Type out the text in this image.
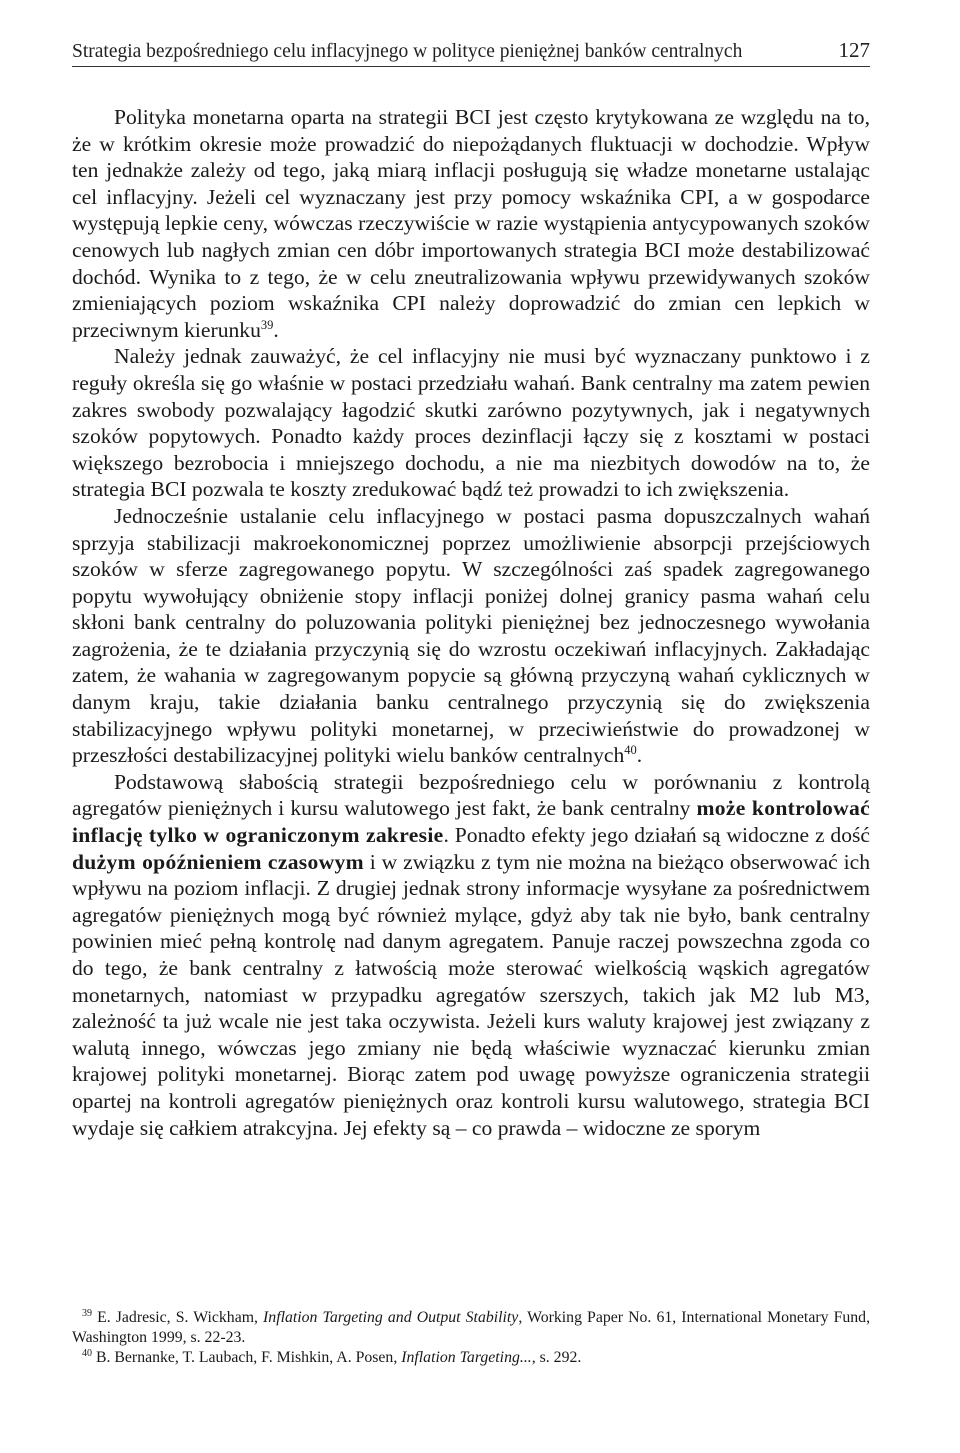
Strategia bezpośredniego celu inflacyjnego w polityce pieniężnej banków centralnych	127

Polityka monetarna oparta na strategii BCI jest często krytykowana ze względu na to, że w krótkim okresie może prowadzić do niepożądanych fluktuacji w dochodzie. Wpływ ten jednakże zależy od tego, jaką miarą inflacji posługują się władze monetarne ustalając cel inflacyjny. Jeżeli cel wyznaczany jest przy pomocy wskaźnika CPI, a w gospodarce występują lepkie ceny, wówczas rzeczywiście w razie wystąpienia antycypowanych szoków cenowych lub nagłych zmian cen dóbr importowanych strategia BCI może destabilizować dochód. Wynika to z tego, że w celu zneutralizowania wpływu przewidywanych szoków zmieniających poziom wskaźnika CPI należy doprowadzić do zmian cen lepkich w przeciwnym kierunku$^{39}$.

Należy jednak zauważyć, że cel inflacyjny nie musi być wyznaczany punktowo i z reguły określa się go właśnie w postaci przedziału wahań. Bank centralny ma zatem pewien zakres swobody pozwalający łagodzić skutki zarówno pozytywnych, jak i negatywnych szoków popytowych. Ponadto każdy proces dezinflacji łączy się z kosztami w postaci większego bezrobocia i mniejszego dochodu, a nie ma niezbitych dowodów na to, że strategia BCI pozwala te koszty zredukować bądź też prowadzi to ich zwiększenia.

Jednocześnie ustalanie celu inflacyjnego w postaci pasma dopuszczalnych wahań sprzyja stabilizacji makroekonomicznej poprzez umożliwienie absorpcji przejściowych szoków w sferze zagregowanego popytu. W szczególności zaś spadek zagregowanego popytu wywołujący obniżenie stopy inflacji poniżej dolnej granicy pasma wahań celu skłoni bank centralny do poluzowania polityki pieniężnej bez jednoczesnego wywołania zagrożenia, że te działania przyczynią się do wzrostu oczekiwań inflacyjnych. Zakładając zatem, że wahania w zagregowanym popycie są główną przyczyną wahań cyklicznych w danym kraju, takie działania banku centralnego przyczynią się do zwiększenia stabilizacyjnego wpływu polityki monetarnej, w przeciwieństwie do prowadzonej w przeszłości destabilizacyjnej polityki wielu banków centralnych$^{40}$.

Podstawową słabością strategii bezpośredniego celu w porównaniu z kontrolą agregatów pieniężnych i kursu walutowego jest fakt, że bank centralny może kontrolować inflację tylko w ograniczonym zakresie. Ponadto efekty jego działań są widoczne z dość dużym opóźnieniem czasowym i w związku z tym nie można na bieżąco obserwować ich wpływu na poziom inflacji. Z drugiej jednak strony informacje wysyłane za pośrednictwem agregatów pieniężnych mogą być również mylące, gdyż aby tak nie było, bank centralny powinien mieć pełną kontrolę nad danym agregatem. Panuje raczej powszechna zgoda co do tego, że bank centralny z łatwością może sterować wielkością wąskich agregatów monetarnych, natomiast w przypadku agregatów szerszych, takich jak M2 lub M3, zależność ta już wcale nie jest taka oczywista. Jeżeli kurs waluty krajowej jest związany z walutą innego, wówczas jego zmiany nie będą właściwie wyznaczać kierunku zmian krajowej polityki monetarnej. Biorąc zatem pod uwagę powyższe ograniczenia strategii opartej na kontroli agregatów pieniężnych oraz kontroli kursu walutowego, strategia BCI wydaje się całkiem atrakcyjna. Jej efekty są – co prawda – widoczne ze sporym

$^{39}$ E. Jadresic, S. Wickham, Inflation Targeting and Output Stability, Working Paper No. 61, International Monetary Fund, Washington 1999, s. 22-23.

$^{40}$ B. Bernanke, T. Laubach, F. Mishkin, A. Posen, Inflation Targeting..., s. 292.
